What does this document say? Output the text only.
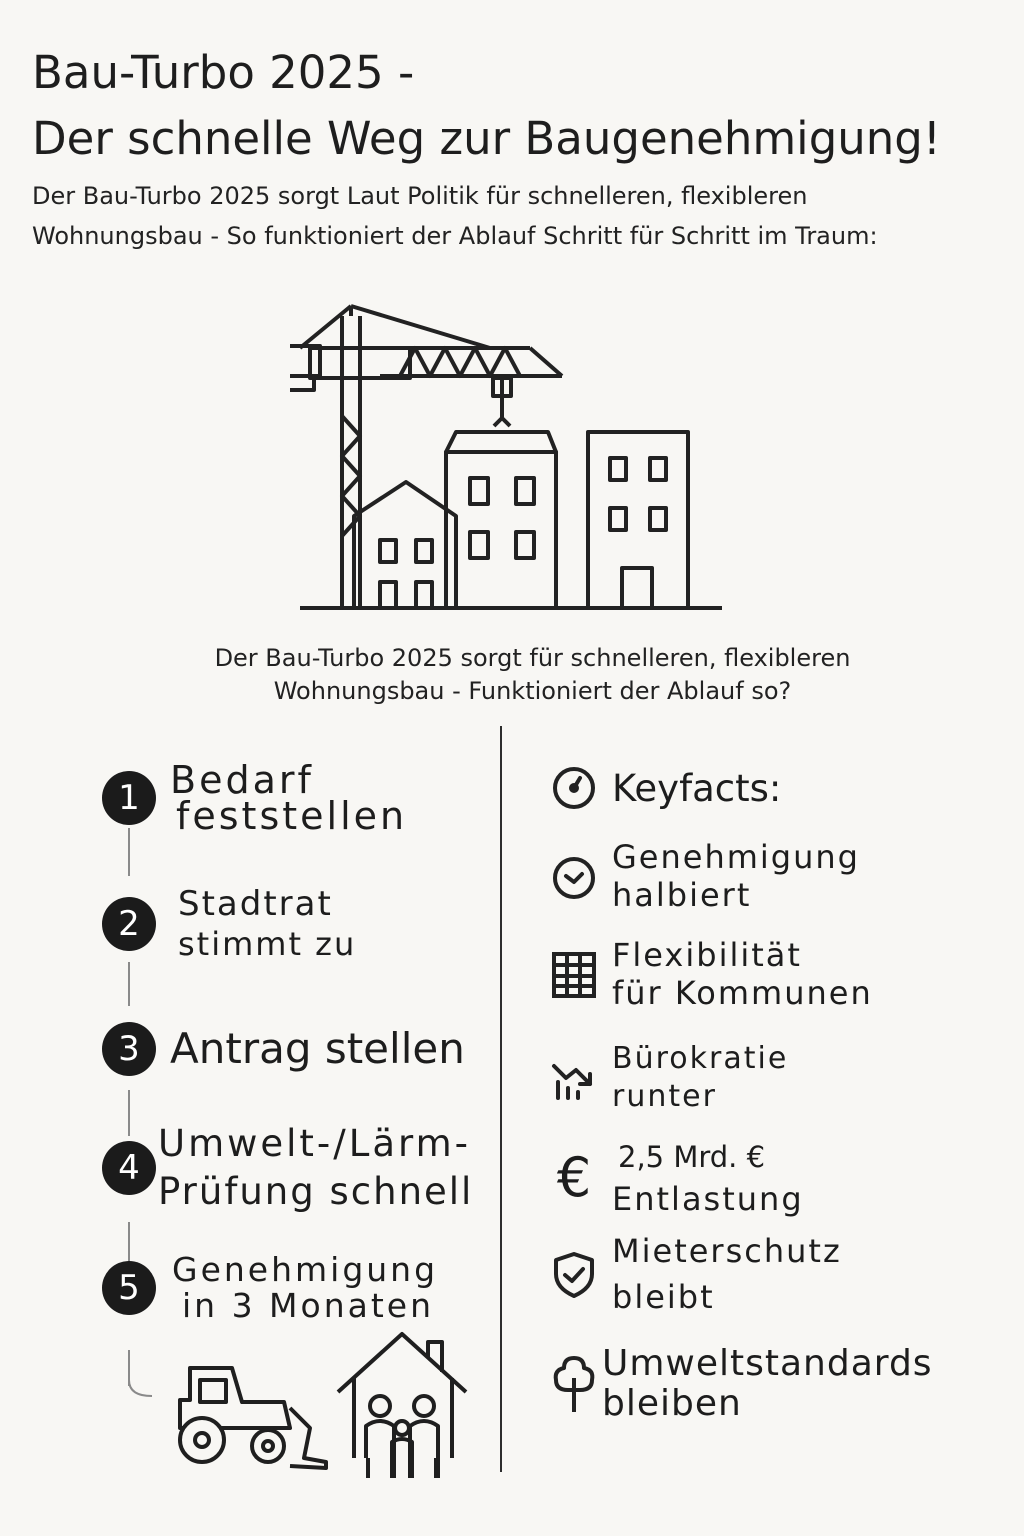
Bau-Turbo 2025 -
Der schnelle Weg zur Baugenehmigung!
Der Bau-Turbo 2025 sorgt Laut Politik für schnelleren, flexibleren
Wohnungsbau - So funktioniert der Ablauf Schritt für Schritt im Traum:
Der Bau-Turbo 2025 sorgt für schnelleren, flexibleren
Wohnungsbau - Funktioniert der Ablauf so?
1 Bedarf
feststellen
2	Stadtrat
stimmt zu
3 Antrag stellen
4
Umwelt-/Lärm-
Prüfung schnell
5 Genehmigung
in 3 Monaten
Keyfacts:
Genehmigung
halbiert
Flexibilität
für Kommunen
Bürokratie
runter
€ 2,5 Mrd. €
Entlastung
Mieterschutz
bleibt
Umweltstandards
bleiben
